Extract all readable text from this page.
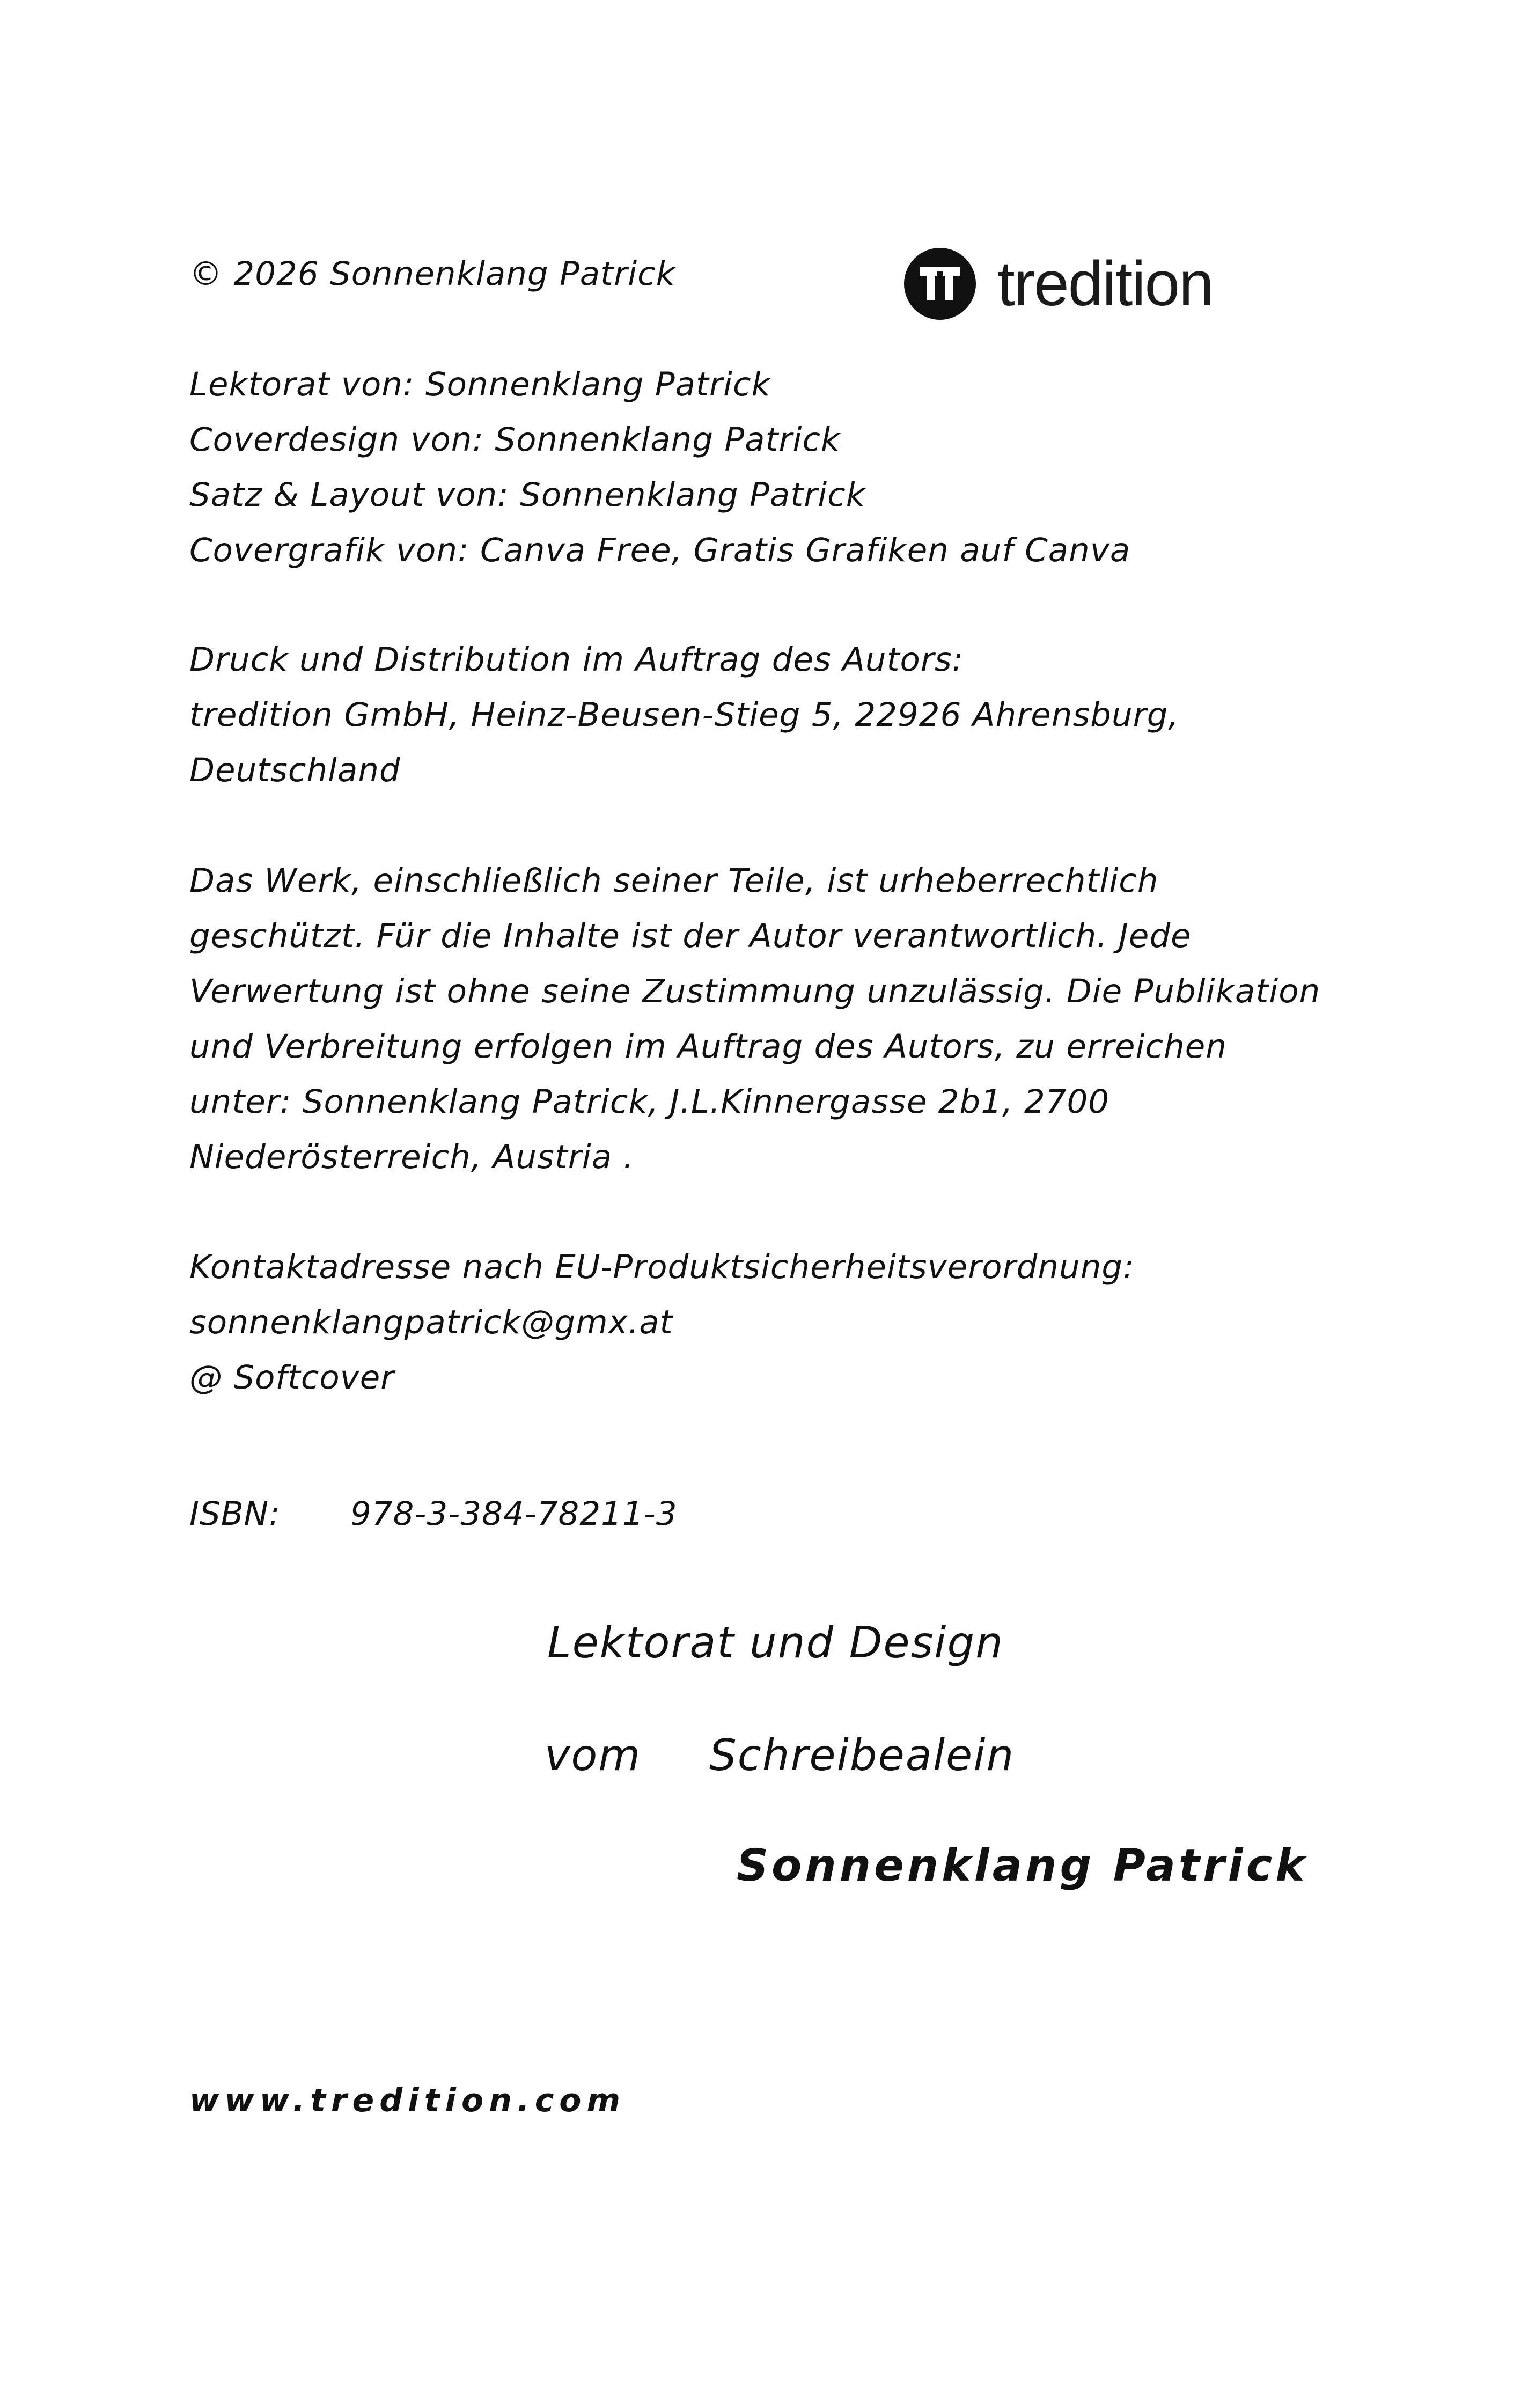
© 2026 Sonnenklang Patrick	tredition
Lektorat von: Sonnenklang Patrick
Coverdesign von: Sonnenklang Patrick
Satz & Layout von: Sonnenklang Patrick
Covergrafik von: Canva Free, Gratis Grafiken auf Canva
Druck und Distribution im Auftrag des Autors:
tredition GmbH, Heinz-Beusen-Stieg 5, 22926 Ahrensburg,
Deutschland
Das Werk, einschließlich seiner Teile, ist urheberrechtlich
geschützt. Für die Inhalte ist der Autor verantwortlich. Jede
Verwertung ist ohne seine Zustimmung unzulässig. Die Publikation
und Verbreitung erfolgen im Auftrag des Autors, zu erreichen
unter: Sonnenklang Patrick, J.L.Kinnergasse 2b1, 2700
Niederösterreich, Austria .
Kontaktadresse nach EU-Produktsicherheitsverordnung:
sonnenklangpatrick@gmx.at
@ Softcover

ISBN: 978-3-384-78211-3

Lektorat und Design

vom Schreibealein

Sonnenklang Patrick

www.tredition.com
